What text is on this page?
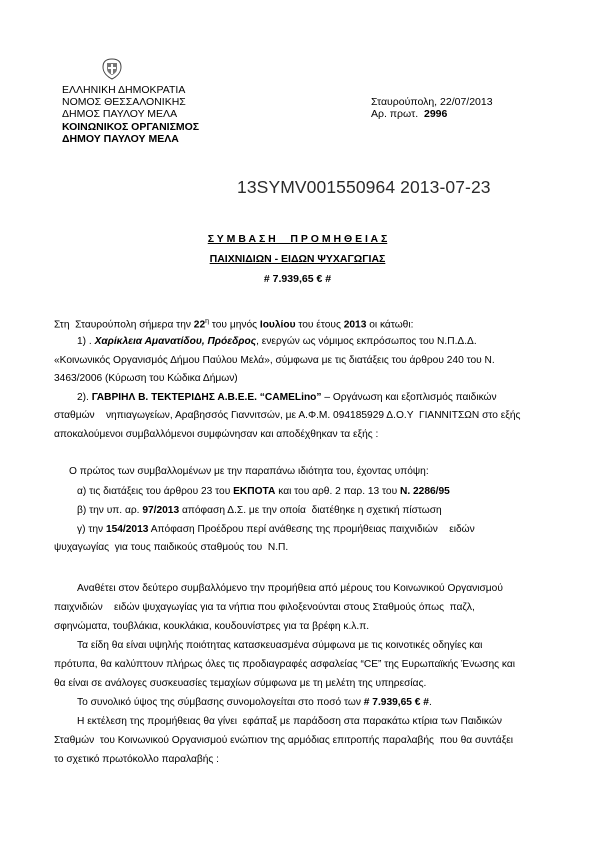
ΕΛΛΗΝΙΚΗ ΔΗΜΟΚΡΑΤΙΑ
ΝΟΜΟΣ ΘΕΣΣΑΛΟΝΙΚΗΣ
ΔΗΜΟΣ ΠΑΥΛΟΥ ΜΕΛΑ
ΚΟΙΝΩΝΙΚΟΣ ΟΡΓΑΝΙΣΜΟΣ
ΔΗΜΟΥ ΠΑΥΛΟΥ ΜΕΛΑ
Σταυρούπολη, 22/07/2013
Αρ. πρωτ. 2996
13SYMV001550964 2013-07-23
Σ Υ Μ Β Α Σ Η     Π Ρ Ο Μ Η Θ Ε Ι Α Σ
ΠΑΙΧΝΙΔΙΩΝ - ΕΙΔΩΝ ΨΥΧΑΓΩΓΙΑΣ
# 7.939,65 € #
Στη  Σταυρούπολη σήμερα την $22^\eta$ του μηνός Ιουλίου του έτους 2013 οι κάτωθι:
1) . Χαρίκλεια Αμανατίδου, Πρόεδρος, ενεργών ως νόμιμος εκπρόσωπος του Ν.Π.Δ.Δ.
«Κοινωνικός Οργανισμός Δήμου Παύλου Μελά», σύμφωνα με τις διατάξεις του άρθρου 240 του Ν.
3463/2006 (Κύρωση του Κώδικα Δήμων)
2). ΓΑΒΡΙΗΛ Β. ΤΕΚΤΕΡΙΔΗΣ Α.Β.Ε.Ε. “CAMELino” – Οργάνωση και εξοπλισμός παιδικών
σταθμών    νηπιαγωγείων, Αραβησσός Γιαννιτσών, με Α.Φ.Μ. 094185929 Δ.Ο.Υ  ΓΙΑΝΝΙΤΣΩΝ στο εξής
αποκαλούμενοι συμβαλλόμενοι συμφώνησαν και αποδέχθηκαν τα εξής :
Ο πρώτος των συμβαλλομένων με την παραπάνω ιδιότητα του, έχοντας υπόψη:
α) τις διατάξεις του άρθρου 23 του ΕΚΠΟΤΑ και του αρθ. 2 παρ. 13 του Ν. 2286/95
β) την υπ. αρ. 97/2013 απόφαση Δ.Σ. με την οποία  διατέθηκε η σχετική πίστωση
γ) την 154/2013 Απόφαση Προέδρου περί ανάθεσης της προμήθειας παιχνιδιών    ειδών
ψυχαγωγίας  για τους παιδικούς σταθμούς του  Ν.Π.
Αναθέτει στον δεύτερο συμβαλλόμενο την προμήθεια από μέρους του Κοινωνικού Οργανισμού
παιχνιδιών    ειδών ψυχαγωγίας για τα νήπια που φιλοξενούνται στους Σταθμούς όπως  παζλ,
σφηνώματα, τουβλάκια, κουκλάκια, κουδουνίστρες για τα βρέφη κ.λ.π.
Τα είδη θα είναι υψηλής ποιότητας κατασκευασμένα σύμφωνα με τις κοινοτικές οδηγίες και
πρότυπα, θα καλύπτουν πλήρως όλες τις προδιαγραφές ασφαλείας “CE” της Ευρωπαϊκής Ένωσης και
θα είναι σε ανάλογες συσκευασίες τεμαχίων σύμφωνα με τη μελέτη της υπηρεσίας.
Το συνολικό ύψος της σύμβασης συνομολογείται στο ποσό των # 7.939,65 € #.
Η εκτέλεση της προμήθειας θα γίνει  εφάπαξ με παράδοση στα παρακάτω κτίρια των Παιδικών
Σταθμών  του Κοινωνικού Οργανισμού ενώπιον της αρμόδιας επιτροπής παραλαβής  που θα συντάξει
το σχετικό πρωτόκολλο παραλαβής :
